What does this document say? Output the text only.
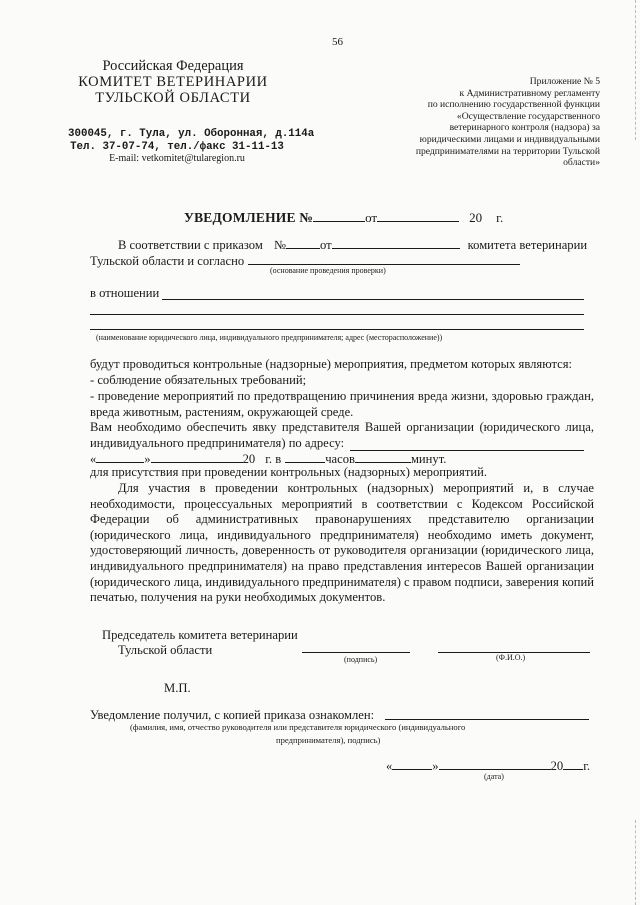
56
Российская Федерация
КОМИТЕТ ВЕТЕРИНАРИИ
ТУЛЬСКОЙ ОБЛАСТИ
300045, г. Тула, ул. Оборонная, д.114а
Тел. 37-07-74, тел./факс 31-11-13
E-mail: vetkomitet@tularegion.ru
Приложение № 5
к Административному регламенту
по исполнению государственной функции
«Осуществление государственного
ветеринарного контроля (надзора) за
юридическими лицами и индивидуальными
предпринимателями на территории Тульской
области»
УВЕДОМЛЕНИЕ №	от	20 г.
В соответствии с приказом №	от	комитета ветеринарии
Тульской области и согласно
(основание проведения проверки)
в отношении
(наименование юридического лица, индивидуального предпринимателя; адрес (месторасположение))
будут проводиться контрольные (надзорные) мероприятия, предметом которых являются:
- соблюдение обязательных требований;
- проведение мероприятий по предотвращению причинения вреда жизни, здоровью граждан, вреда животным, растениям, окружающей среде.
Вам необходимо обеспечить явку представителя Вашей организации (юридического лица, индивидуального предпринимателя) по адресу:
«	»	20 г. в	часов	минут.
для присутствия при проведении контрольных (надзорных) мероприятий.
Для участия в проведении контрольных (надзорных) мероприятий и, в случае необходимости, процессуальных мероприятий в соответствии с Кодексом Российской Федерации об административных правонарушениях представителю организации (юридического лица, индивидуального предпринимателя) необходимо иметь документ, удостоверяющий личность, доверенность от руководителя организации (юридического лица, индивидуального предпринимателя) на право представления интересов Вашей организации (юридического лица, индивидуального предпринимателя) с правом подписи, заверения копий печатью, получения на руки необходимых документов.
Председатель комитета ветеринарии
Тульской области
(подпись)	(Ф.И.О.)
М.П.
Уведомление получил, с копией приказа ознакомлен:
(фамилия, имя, отчество руководителя или представителя юридического (индивидуального
предпринимателя), подпись)
«	»	20 г.
(дата)
